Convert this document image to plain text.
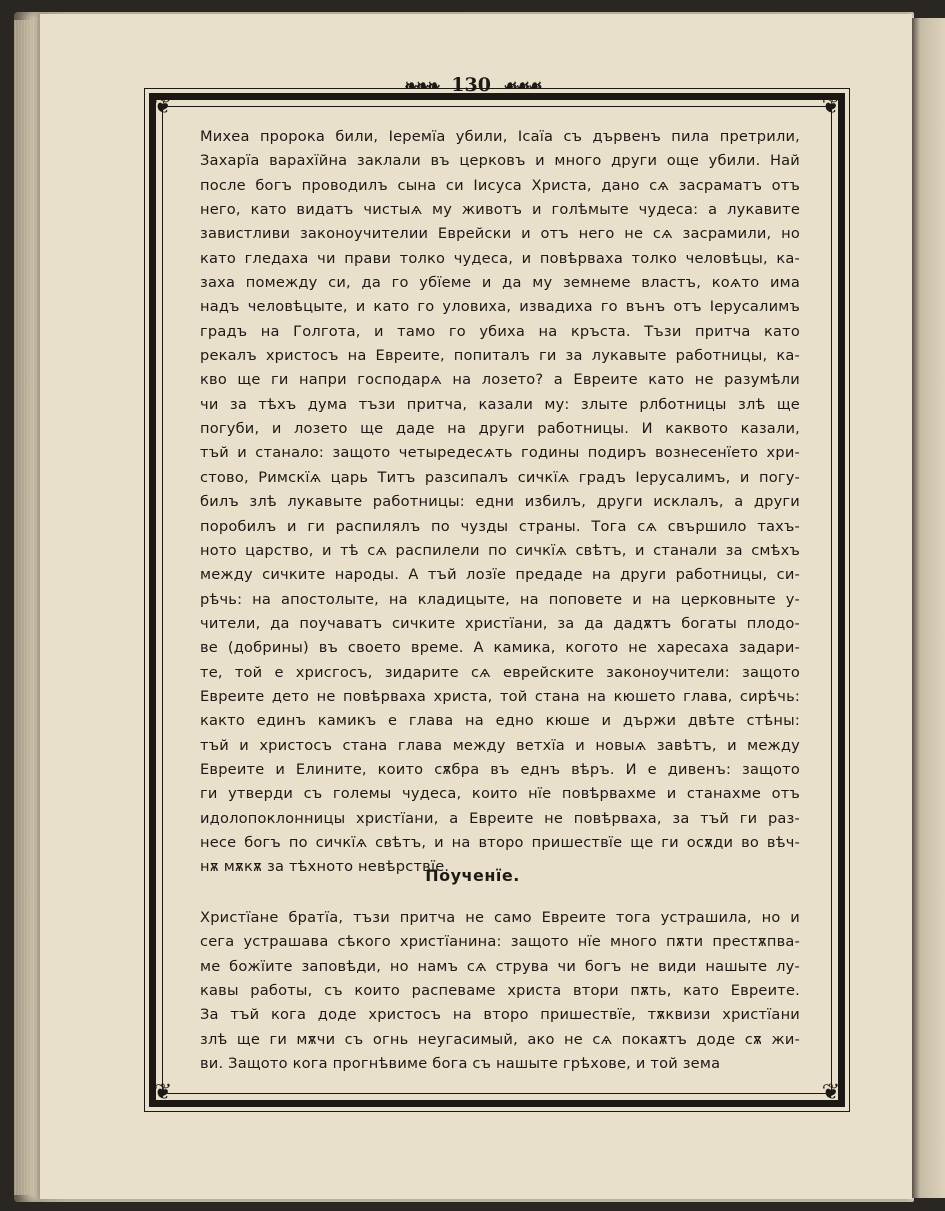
❧❧❧ 130 ☙☙☙
❦	❦
❦	❦
Михеа пророка били, Іеремїа убили, Ісаїа съ дървенъ пила претрили,
Захарїа варахїйна заклали въ церковъ и много други още убили. Най
после богъ проводилъ сына си Іисуса Христа, дано сѧ засраматъ отъ
него, като видатъ чистыѧ му животъ и голѣмыте чудеса: а лукавите
завистливи законоучителии Еврейски и отъ него не сѧ засрамили, но
като гледаха чи прави толко чудеса, и повѣрваха толко человѣцы, ка-
заха помежду си, да го убїеме и да му земнеме властъ, коѧто има
надъ человѣцыте, и като го уловиха, извадиха го вънъ отъ Іерусалимъ
градъ на Голгота, и тамо го убиха на кръста. Тъзи притча като
рекалъ христосъ на Евреите, попиталъ ги за лукавыте работницы, ка-
кво ще ги напри господарѧ на лозето? а Евреите като не разумѣли
чи за тѣхъ дума тъзи притча, казали му: злыте рлботницы злѣ ще
погуби, и лозето ще даде на други работницы. И каквото казали,
тъй и станало: защото четыредесѧть годины подиръ вознесенїето хри-
стово, Римскїѧ царь Титъ разсипалъ сичкїѧ градъ Іерусалимъ, и погу-
билъ злѣ лукавыте работницы: едни избилъ, други исклалъ, а други
поробилъ и ги распилялъ по чузды страны. Тога сѧ свършило тахъ-
ното царство, и тѣ сѧ распилели по сичкїѧ свѣтъ, и станали за смѣхъ
между сичките народы. А тъй лозїе предаде на други работницы, си-
рѣчь: на апостолыте, на кладицыте, на поповете и на церковныте у-
чители, да поучаватъ сичките христїани, за да дадѫтъ богаты плодо-
ве (добрины) въ своето време. А камика, когото не харесаха задари-
те, той е хрисгосъ, зидарите сѧ еврейските законоучители: защото
Евреите дето не повѣрваха христа, той стана на кюшето глава, сирѣчь:
както единъ камикъ е глава на едно кюше и държи двѣте стѣны:
тъй и христосъ стана глава между ветхїа и новыѧ завѣтъ, и между
Евреите и Елините, които сѫбра въ еднъ вѣръ. И е дивенъ: защото
ги утверди съ големы чудеса, които нїе повѣрвахме и станахме отъ
идолопоклонницы христїани, а Евреите не повѣрваха, за тъй ги раз-
несе богъ по сичкїѧ свѣтъ, и на второ пришествїе ще ги осѫди во вѣч-
нѫ мѫкѫ за тѣхното невѣрствїе.
Поученїе.
Христїане братїа, тъзи притча не само Евреите тога устрашила, но и
сега устрашава сѣкого христїанина: защото нїе много пѫти престѫпва-
ме божїите заповѣди, но намъ сѧ струва чи богъ не види нашыте лу-
кавы работы, съ които распеваме христа втори пѫть, като Евреите.
За тъй кога доде христосъ на второ пришествїе, тѫквизи христїани
злѣ ще ги мѫчи съ огнь неугасимый, ако не сѧ покаѫтъ доде сѫ жи-
ви. Защото кога прогнѣвиме бога съ нашыте грѣхове, и той зема
